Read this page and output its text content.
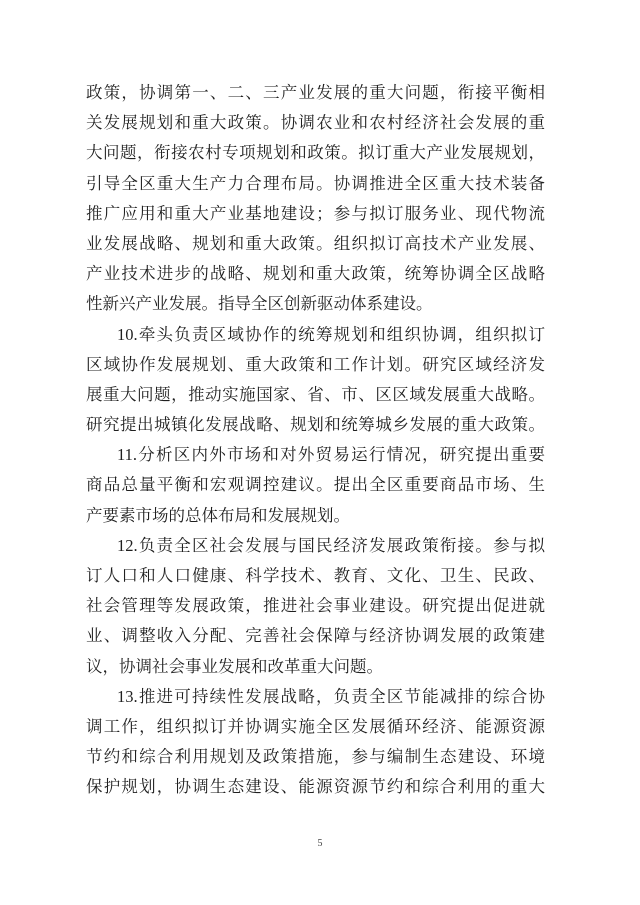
政策，协调第一、二、三产业发展的重大问题，衔接平衡相
关发展规划和重大政策。协调农业和农村经济社会发展的重
大问题，衔接农村专项规划和政策。拟订重大产业发展规划，
引导全区重大生产力合理布局。协调推进全区重大技术装备
推广应用和重大产业基地建设；参与拟订服务业、现代物流
业发展战略、规划和重大政策。组织拟订高技术产业发展、
产业技术进步的战略、规划和重大政策，统筹协调全区战略
性新兴产业发展。指导全区创新驱动体系建设。
10.牵头负责区域协作的统筹规划和组织协调，组织拟订
区域协作发展规划、重大政策和工作计划。研究区域经济发
展重大问题，推动实施国家、省、市、区区域发展重大战略。
研究提出城镇化发展战略、规划和统筹城乡发展的重大政策。
11.分析区内外市场和对外贸易运行情况，研究提出重要
商品总量平衡和宏观调控建议。提出全区重要商品市场、生
产要素市场的总体布局和发展规划。
12.负责全区社会发展与国民经济发展政策衔接。参与拟
订人口和人口健康、科学技术、教育、文化、卫生、民政、
社会管理等发展政策，推进社会事业建设。研究提出促进就
业、调整收入分配、完善社会保障与经济协调发展的政策建
议，协调社会事业发展和改革重大问题。
13.推进可持续性发展战略，负责全区节能减排的综合协
调工作，组织拟订并协调实施全区发展循环经济、能源资源
节约和综合利用规划及政策措施，参与编制生态建设、环境
保护规划，协调生态建设、能源资源节约和综合利用的重大
5
